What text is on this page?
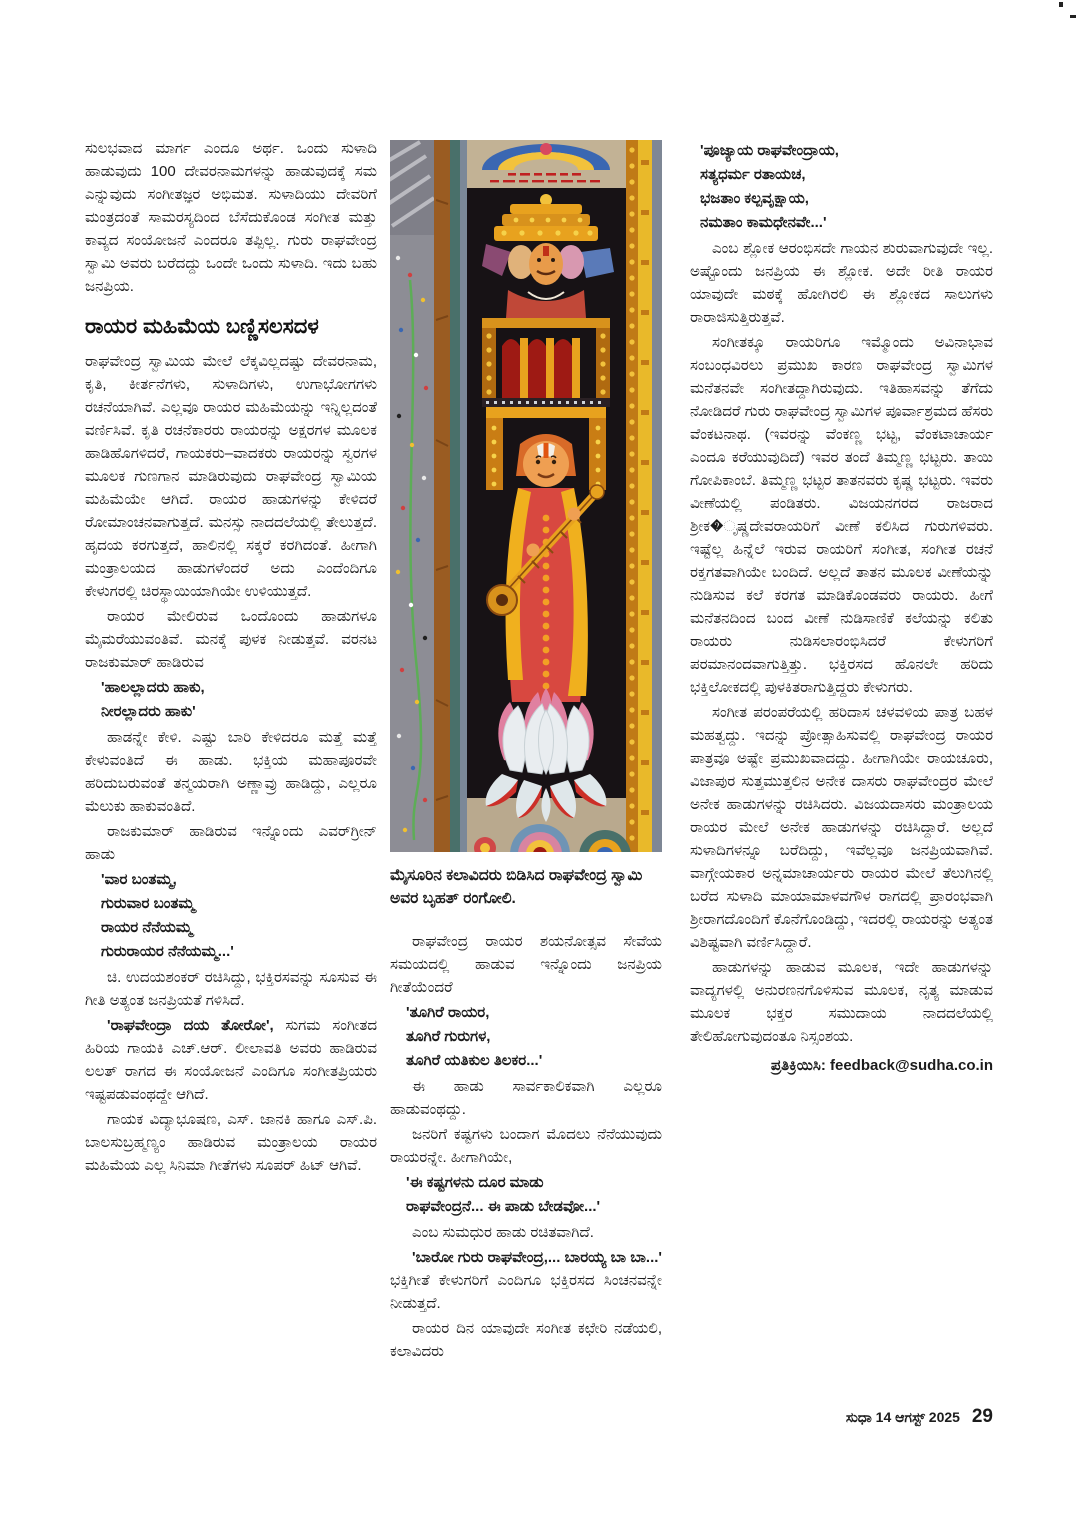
ಸುಲಭವಾದ ಮಾರ್ಗ ಎಂದೂ ಅರ್ಥ. ಒಂದು ಸುಳಾದಿ ಹಾಡುವುದು 100 ದೇವರನಾಮಗಳನ್ನು ಹಾಡುವುದಕ್ಕೆ ಸಮ ಎನ್ನುವುದು ಸಂಗೀತಜ್ಞರ ಅಭಿಮತ. ಸುಳಾದಿಯು ದೇವರಿಗೆ ಮಂತ್ರದಂತೆ ಸಾಮರಸ್ಯದಿಂದ ಬೆಸೆದುಕೊಂಡ ಸಂಗೀತ ಮತ್ತು ಕಾವ್ಯದ ಸಂಯೋಜನೆ ಎಂದರೂ ತಪ್ಪಿಲ್ಲ. ಗುರು ರಾಘವೇಂದ್ರ ಸ್ವಾಮಿ ಅವರು ಬರೆದದ್ದು ಒಂದೇ ಒಂದು ಸುಳಾದಿ. ಇದು ಬಹು ಜನಪ್ರಿಯ.

ರಾಯರ ಮಹಿಮೆಯ ಬಣ್ಣಿಸಲಸದಳ

ರಾಘವೇಂದ್ರ ಸ್ವಾಮಿಯ ಮೇಲೆ ಲೆಕ್ಕವಿಲ್ಲದಷ್ಟು ದೇವರನಾಮ, ಕೃತಿ, ಕೀರ್ತನೆಗಳು, ಸುಳಾದಿಗಳು, ಉಗಾಭೋಗಗಳು ರಚನೆಯಾಗಿವೆ. ಎಲ್ಲವೂ ರಾಯರ ಮಹಿಮೆಯನ್ನು ಇನ್ನಿಲ್ಲದಂತೆ ವರ್ಣಿಸಿವೆ. ಕೃತಿ ರಚನೆಕಾರರು ರಾಯರನ್ನು ಅಕ್ಷರಗಳ ಮೂಲಕ ಹಾಡಿಹೊಗಳಿದರೆ, ಗಾಯಕರು–ವಾದಕರು ರಾಯರನ್ನು ಸ್ವರಗಳ ಮೂಲಕ ಗುಣಗಾನ ಮಾಡಿರುವುದು ರಾಘವೇಂದ್ರ ಸ್ವಾಮಿಯ ಮಹಿಮೆಯೇ ಆಗಿದೆ. ರಾಯರ ಹಾಡುಗಳನ್ನು ಕೇಳಿದರೆ ರೋಮಾಂಚನವಾಗುತ್ತದೆ. ಮನಸ್ಸು ನಾದದಲೆಯಲ್ಲಿ ತೇಲುತ್ತದೆ. ಹೃದಯ ಕರಗುತ್ತದೆ, ಹಾಲಿನಲ್ಲಿ ಸಕ್ಕರೆ ಕರಗಿದಂತೆ. ಹೀಗಾಗಿ ಮಂತ್ರಾಲಯದ ಹಾಡುಗಳೆಂದರೆ ಅದು ಎಂದೆಂದಿಗೂ ಕೇಳುಗರಲ್ಲಿ ಚಿರಸ್ಥಾಯಿಯಾಗಿಯೇ ಉಳಿಯುತ್ತದೆ.

ರಾಯರ ಮೇಲಿರುವ ಒಂದೊಂದು ಹಾಡುಗಳೂ ಮೈಮರೆಯುವಂತಿವೆ. ಮನಕ್ಕೆ ಪುಳಕ ನೀಡುತ್ತವೆ. ವರನಟ ರಾಜಕುಮಾರ್ ಹಾಡಿರುವ

'ಹಾಲಲ್ಲಾದರು ಹಾಕು,
ನೀರಲ್ಲಾದರು ಹಾಕು'

ಹಾಡನ್ನೇ ಕೇಳಿ. ಎಷ್ಟು ಬಾರಿ ಕೇಳಿದರೂ ಮತ್ತೆ ಮತ್ತೆ ಕೇಳುವಂತಿದೆ ಈ ಹಾಡು. ಭಕ್ತಿಯ ಮಹಾಪೂರವೇ ಹರಿದುಬರುವಂತೆ ತನ್ಮಯರಾಗಿ ಅಣ್ಣಾವ್ರು ಹಾಡಿದ್ದು, ಎಲ್ಲರೂ ಮೆಲುಕು ಹಾಕುವಂತಿದೆ.

ರಾಜಕುಮಾರ್ ಹಾಡಿರುವ ಇನ್ನೊಂದು ಎವರ್‌ಗ್ರೀನ್ ಹಾಡು

'ವಾರ ಬಂತಮ್ಮ,
ಗುರುವಾರ ಬಂತಮ್ಮ
ರಾಯರ ನೆನೆಯಮ್ಮ
ಗುರುರಾಯರ ನೆನೆಯಮ್ಮ...'

ಚಿ. ಉದಯಶಂಕರ್ ರಚಿಸಿದ್ದು, ಭಕ್ತಿರಸವನ್ನು ಸೂಸುವ ಈ ಗೀತಿ ಅತ್ಯಂತ ಜನಪ್ರಿಯತೆ ಗಳಿಸಿದೆ.

'ರಾಘವೇಂದ್ರಾ ದಯ ತೋರೋ', ಸುಗಮ ಸಂಗೀತದ ಹಿರಿಯ ಗಾಯಕಿ ಎಚ್.ಆರ್. ಲೀಲಾವತಿ ಅವರು ಹಾಡಿರುವ ಲಲತ್ ರಾಗದ ಈ ಸಂಯೋಜನೆ ಎಂದಿಗೂ ಸಂಗೀತಪ್ರಿಯರು ಇಷ್ಟಪಡುವಂಥದ್ದೇ ಆಗಿದೆ.

ಗಾಯಕ ವಿದ್ಯಾಭೂಷಣ, ಎಸ್. ಜಾನಕಿ ಹಾಗೂ ಎಸ್.ಪಿ. ಬಾಲಸುಬ್ರಹ್ಮಣ್ಯಂ ಹಾಡಿರುವ ಮಂತ್ರಾಲಯ ರಾಯರ ಮಹಿಮೆಯ ಎಲ್ಲ ಸಿನಿಮಾ ಗೀತೆಗಳು ಸೂಪರ್ ಹಿಟ್ ಆಗಿವೆ.

ಮೈಸೂರಿನ ಕಲಾವಿದರು ಬಿಡಿಸಿದ ರಾಘವೇಂದ್ರ ಸ್ವಾಮಿ ಅವರ ಬೃಹತ್ ರಂಗೋಲಿ.

ರಾಘವೇಂದ್ರ ರಾಯರ ಶಯನೋತ್ಸವ ಸೇವೆಯ ಸಮಯದಲ್ಲಿ ಹಾಡುವ ಇನ್ನೊಂದು ಜನಪ್ರಿಯ ಗೀತೆಯೆಂದರೆ

'ತೂಗಿರೆ ರಾಯರ,
ತೂಗಿರೆ ಗುರುಗಳ,
ತೂಗಿರೆ ಯತಿಕುಲ ತಿಲಕರ...'

ಈ ಹಾಡು ಸಾರ್ವಕಾಲಿಕವಾಗಿ ಎಲ್ಲರೂ ಹಾಡುವಂಥದ್ದು.

ಜನರಿಗೆ ಕಷ್ಟಗಳು ಬಂದಾಗ ಮೊದಲು ನೆನೆಯುವುದು ರಾಯರನ್ನೇ. ಹೀಗಾಗಿಯೇ,

'ಈ ಕಷ್ಟಗಳನು ದೂರ ಮಾಡು
ರಾಘವೇಂದ್ರನೆ... ಈ ಪಾಡು ಬೇಡವೋ...'

ಎಂಬ ಸುಮಧುರ ಹಾಡು ರಚಿತವಾಗಿದೆ.

'ಬಾರೋ ಗುರು ರಾಘವೇಂದ್ರ,... ಬಾರಯ್ಯ ಬಾ ಬಾ...' ಭಕ್ತಿಗೀತೆ ಕೇಳುಗರಿಗೆ ಎಂದಿಗೂ ಭಕ್ತಿರಸದ ಸಿಂಚನವನ್ನೇ ನೀಡುತ್ತದೆ.

ರಾಯರ ದಿನ ಯಾವುದೇ ಸಂಗೀತ ಕಛೇರಿ ನಡೆಯಲಿ, ಕಲಾವಿದರು

'ಪೂಜ್ಯಾಯ ರಾಘವೇಂದ್ರಾಯ,
ಸತ್ಯಧರ್ಮ ರತಾಯಚ,
ಭಜತಾಂ ಕಲ್ಪವೃಕ್ಷಾಯ,
ನಮತಾಂ ಕಾಮಧೇನವೇ...'

ಎಂಬ ಶ್ಲೋಕ ಆರಂಭಿಸದೇ ಗಾಯನ ಶುರುವಾಗುವುದೇ ಇಲ್ಲ. ಅಷ್ಟೊಂದು ಜನಪ್ರಿಯ ಈ ಶ್ಲೋಕ. ಅದೇ ರೀತಿ ರಾಯರ ಯಾವುದೇ ಮಠಕ್ಕೆ ಹೋಗಿರಲಿ ಈ ಶ್ಲೋಕದ ಸಾಲುಗಳು ರಾರಾಜಿಸುತ್ತಿರುತ್ತವೆ.

ಸಂಗೀತಕ್ಕೂ ರಾಯರಿಗೂ ಇಮ್ಮೊಂದು ಅವಿನಾಭಾವ ಸಂಬಂಧವಿರಲು ಪ್ರಮುಖ ಕಾರಣ ರಾಘವೇಂದ್ರ ಸ್ವಾಮಿಗಳ ಮನೆತನವೇ ಸಂಗೀತದ್ದಾಗಿರುವುದು. ಇತಿಹಾಸವನ್ನು ತೆಗೆದು ನೋಡಿದರೆ ಗುರು ರಾಘವೇಂದ್ರ ಸ್ವಾಮಿಗಳ ಪೂರ್ವಾಶ್ರಮದ ಹೆಸರು ವೆಂಕಟನಾಥ. (ಇವರನ್ನು ವೆಂಕಣ್ಣ ಭಟ್ಟ, ವೆಂಕಟಾಚಾರ್ಯ ಎಂದೂ ಕರೆಯುವುದಿದೆ) ಇವರ ತಂದೆ ತಿಮ್ಮಣ್ಣ ಭಟ್ಟರು. ತಾಯಿ ಗೋಪಿಕಾಂಬೆ. ತಿಮ್ಮಣ್ಣ ಭಟ್ಟರ ತಾತನವರು ಕೃಷ್ಣ ಭಟ್ಟರು. ಇವರು ವೀಣೆಯಲ್ಲಿ ಪಂಡಿತರು. ವಿಜಯನಗರದ ರಾಜರಾದ ಶ್ರೀಕ�ೃಷ್ಣದೇವರಾಯರಿಗೆ ವೀಣೆ ಕಲಿಸಿದ ಗುರುಗಳಿವರು. ಇಷ್ಟೆಲ್ಲ ಹಿನ್ನೆಲೆ ಇರುವ ರಾಯರಿಗೆ ಸಂಗೀತ, ಸಂಗೀತ ರಚನೆ ರಕ್ತಗತವಾಗಿಯೇ ಬಂದಿದೆ. ಅಲ್ಲದೆ ತಾತನ ಮೂಲಕ ವೀಣೆಯನ್ನು ನುಡಿಸುವ ಕಲೆ ಕರಗತ ಮಾಡಿಕೊಂಡವರು ರಾಯರು. ಹೀಗೆ ಮನೆತನದಿಂದ ಬಂದ ವೀಣೆ ನುಡಿಸಾಣಿಕೆ ಕಲೆಯನ್ನು ಕಲಿತು ರಾಯರು ನುಡಿಸಲಾರಂಭಿಸಿದರೆ ಕೇಳುಗರಿಗೆ ಪರಮಾನಂದವಾಗುತ್ತಿತ್ತು. ಭಕ್ತಿರಸದ ಹೊನಲೇ ಹರಿದು ಭಕ್ತಿಲೋಕದಲ್ಲಿ ಪುಳಕಿತರಾಗುತ್ತಿದ್ದರು ಕೇಳುಗರು.

ಸಂಗೀತ ಪರಂಪರೆಯಲ್ಲಿ ಹರಿದಾಸ ಚಳವಳಿಯ ಪಾತ್ರ ಬಹಳ ಮಹತ್ವದ್ದು. ಇದನ್ನು ಪ್ರೋತ್ಸಾಹಿಸುವಲ್ಲಿ ರಾಘವೇಂದ್ರ ರಾಯರ ಪಾತ್ರವೂ ಅಷ್ಟೇ ಪ್ರಮುಖವಾದದ್ದು. ಹೀಗಾಗಿಯೇ ರಾಯಚೂರು, ವಿಜಾಪುರ ಸುತ್ತಮುತ್ತಲಿನ ಅನೇಕ ದಾಸರು ರಾಘವೇಂದ್ರರ ಮೇಲೆ ಅನೇಕ ಹಾಡುಗಳನ್ನು ರಚಿಸಿದರು. ವಿಜಯದಾಸರು ಮಂತ್ರಾಲಯ ರಾಯರ ಮೇಲೆ ಅನೇಕ ಹಾಡುಗಳನ್ನು ರಚಿಸಿದ್ದಾರೆ. ಅಲ್ಲದೆ ಸುಳಾದಿಗಳನ್ನೂ ಬರೆದಿದ್ದು, ಇವೆಲ್ಲವೂ ಜನಪ್ರಿಯವಾಗಿವೆ. ವಾಗ್ಗೇಯಕಾರ ಅನ್ನಮಾಚಾರ್ಯರು ರಾಯರ ಮೇಲೆ ತೆಲುಗಿನಲ್ಲಿ ಬರೆದ ಸುಳಾದಿ ಮಾಯಾಮಾಳವಗೌಳ ರಾಗದಲ್ಲಿ ಪ್ರಾರಂಭವಾಗಿ ಶ್ರೀರಾಗದೊಂದಿಗೆ ಕೊನೆಗೊಂಡಿದ್ದು, ಇದರಲ್ಲಿ ರಾಯರನ್ನು ಅತ್ಯಂತ ವಿಶಿಷ್ಟವಾಗಿ ವರ್ಣಿಸಿದ್ದಾರೆ.

ಹಾಡುಗಳನ್ನು ಹಾಡುವ ಮೂಲಕ, ಇದೇ ಹಾಡುಗಳನ್ನು ವಾದ್ಯಗಳಲ್ಲಿ ಅನುರಣನಗೊಳಿಸುವ ಮೂಲಕ, ನೃತ್ಯ ಮಾಡುವ ಮೂಲಕ ಭಕ್ತರ ಸಮುದಾಯ ನಾದದಲೆಯಲ್ಲಿ ತೇಲಿಹೋಗುವುದಂತೂ ನಿಸ್ಸಂಶಯ.

ಪ್ರತಿಕ್ರಿಯಿಸಿ: feedback@sudha.co.in
ಸುಧಾ 14 ಆಗಸ್ಟ್ 2025 29
